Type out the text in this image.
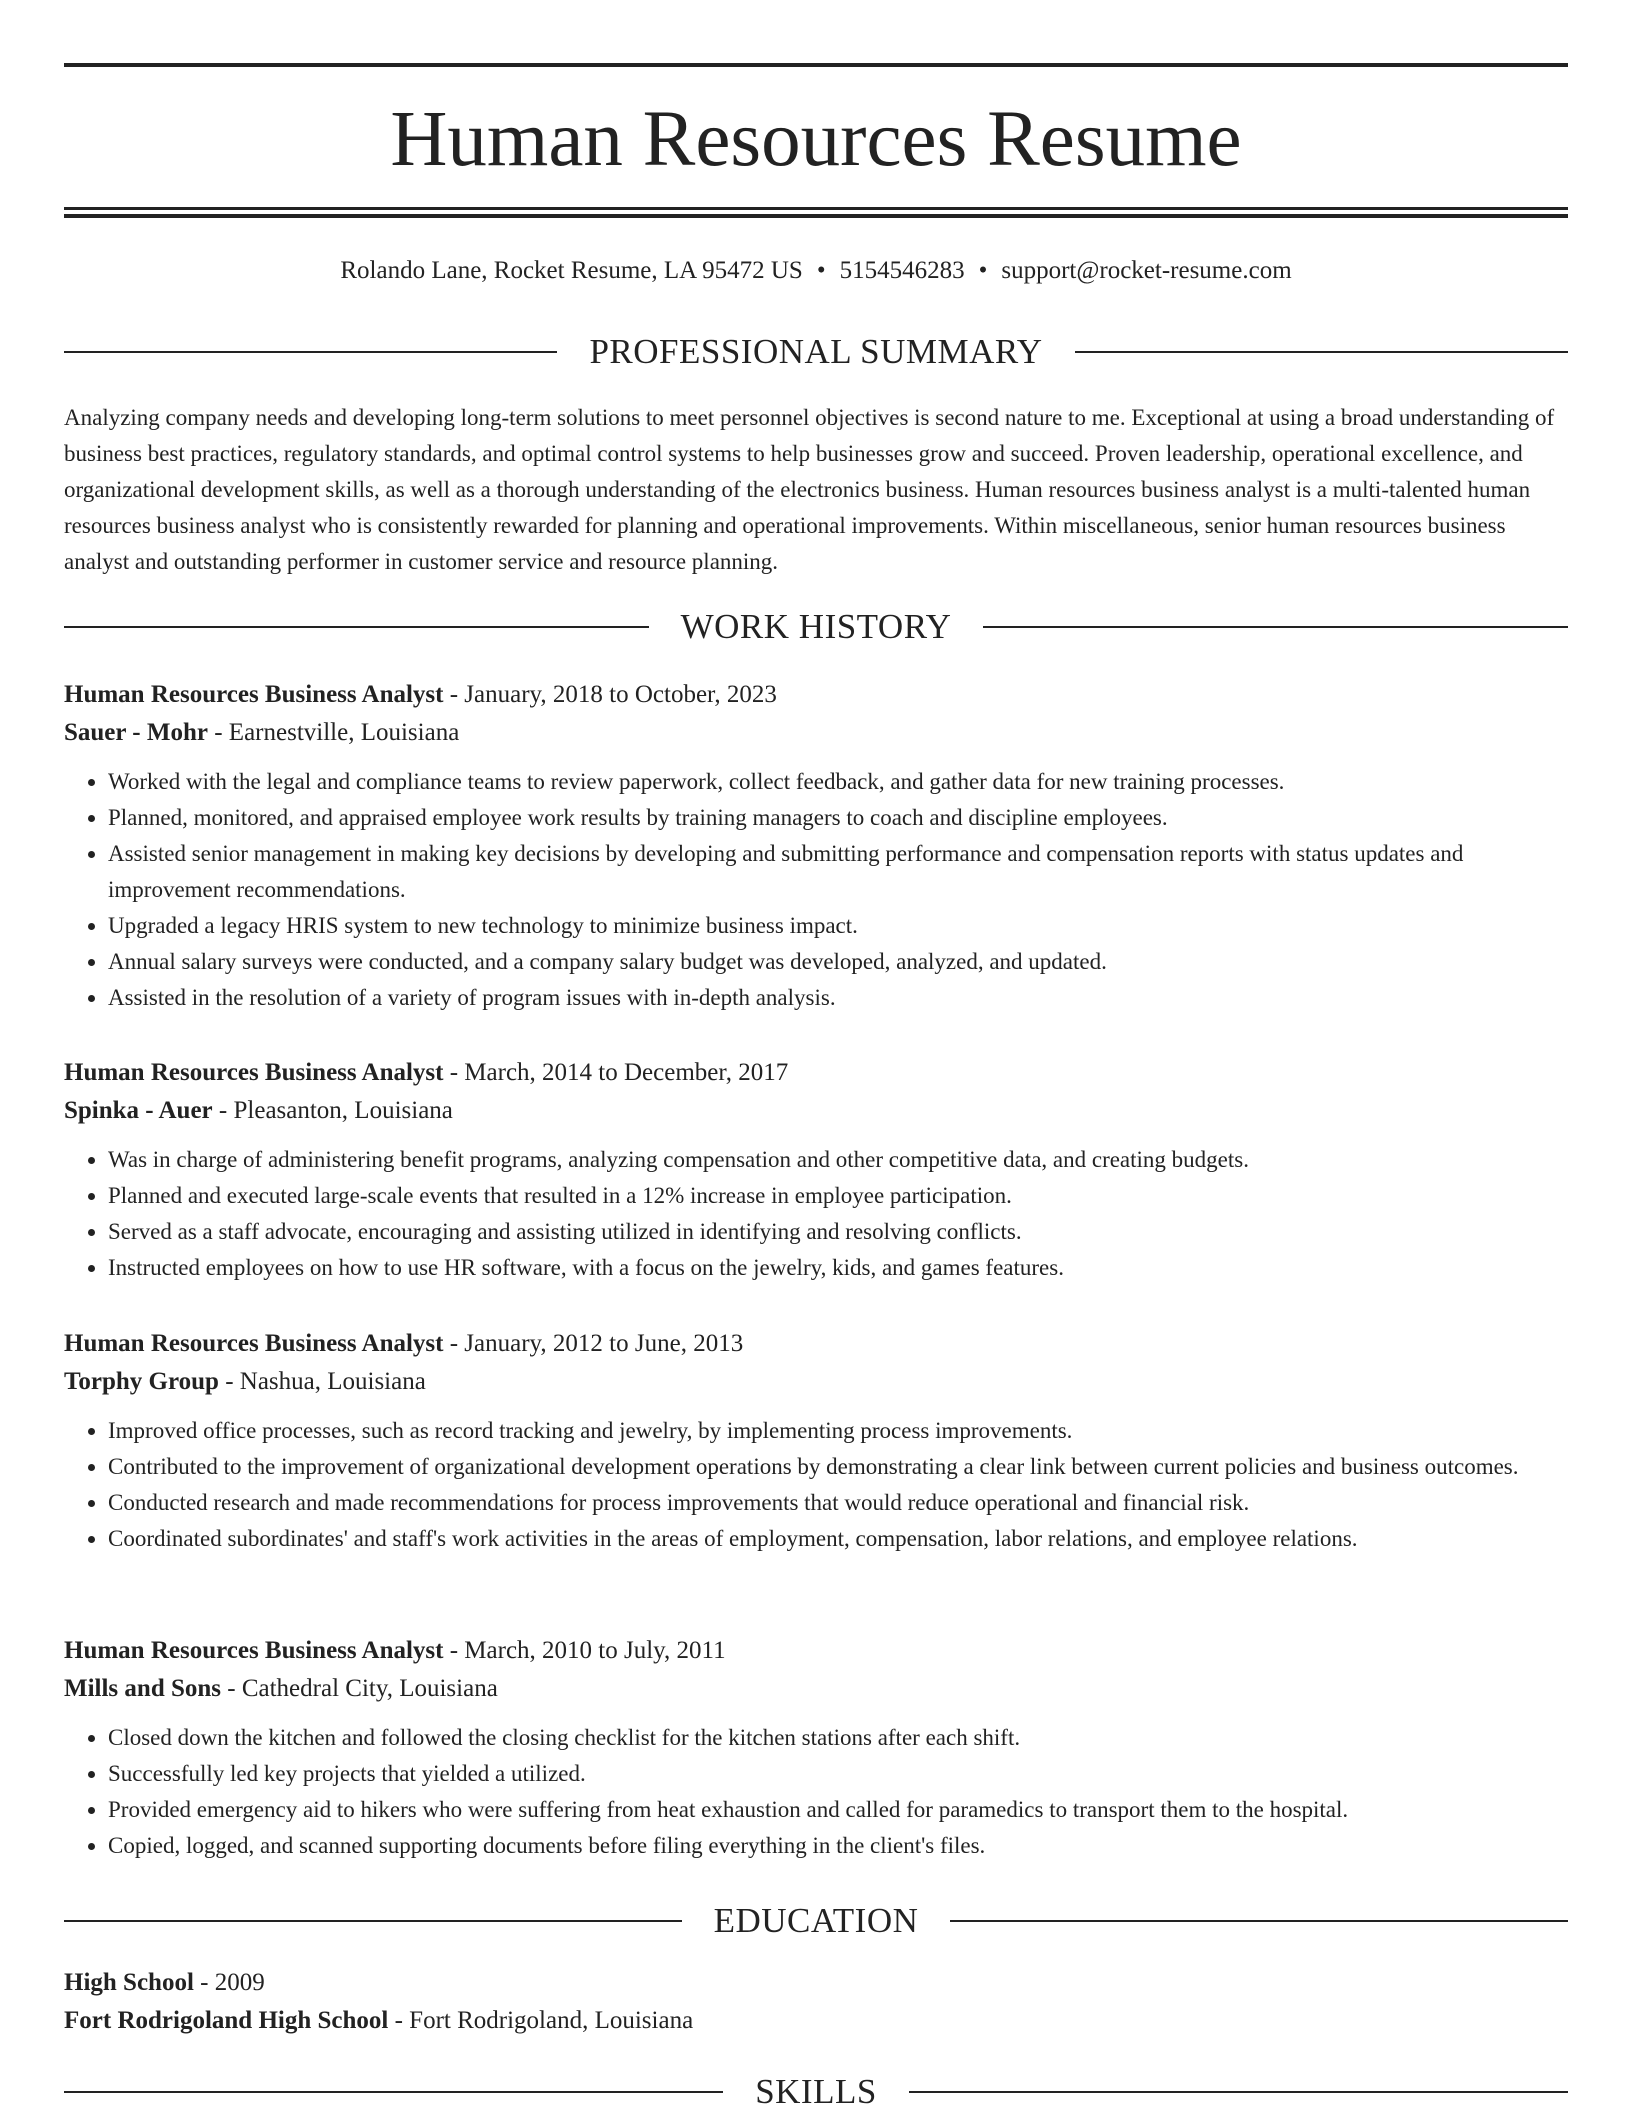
Human Resources Resume
Rolando Lane, Rocket Resume, LA 95472 US • 5154546283 • support@rocket-resume.com
PROFESSIONAL SUMMARY

Analyzing company needs and developing long-term solutions to meet personnel objectives is second nature to me. Exceptional at using a broad understanding of business best practices, regulatory standards, and optimal control systems to help businesses grow and succeed. Proven leadership, operational excellence, and organizational development skills, as well as a thorough understanding of the electronics business. Human resources business analyst is a multi-talented human resources business analyst who is consistently rewarded for planning and operational improvements. Within miscellaneous, senior human resources business analyst and outstanding performer in customer service and resource planning.

WORK HISTORY
Human Resources Business Analyst - January, 2018 to October, 2023
Sauer - Mohr - Earnestville, Louisiana
• Worked with the legal and compliance teams to review paperwork, collect feedback, and gather data for new training processes.
• Planned, monitored, and appraised employee work results by training managers to coach and discipline employees.
• Assisted senior management in making key decisions by developing and submitting performance and compensation reports with status updates and improvement recommendations.
• Upgraded a legacy HRIS system to new technology to minimize business impact.
• Annual salary surveys were conducted, and a company salary budget was developed, analyzed, and updated.
• Assisted in the resolution of a variety of program issues with in-depth analysis.
Human Resources Business Analyst - March, 2014 to December, 2017
Spinka - Auer - Pleasanton, Louisiana
• Was in charge of administering benefit programs, analyzing compensation and other competitive data, and creating budgets.
• Planned and executed large-scale events that resulted in a 12% increase in employee participation.
• Served as a staff advocate, encouraging and assisting utilized in identifying and resolving conflicts.
• Instructed employees on how to use HR software, with a focus on the jewelry, kids, and games features.
Human Resources Business Analyst - January, 2012 to June, 2013
Torphy Group - Nashua, Louisiana
• Improved office processes, such as record tracking and jewelry, by implementing process improvements.
• Contributed to the improvement of organizational development operations by demonstrating a clear link between current policies and business outcomes.
• Conducted research and made recommendations for process improvements that would reduce operational and financial risk.
• Coordinated subordinates' and staff's work activities in the areas of employment, compensation, labor relations, and employee relations.
Human Resources Business Analyst - March, 2010 to July, 2011
Mills and Sons - Cathedral City, Louisiana
• Closed down the kitchen and followed the closing checklist for the kitchen stations after each shift.
• Successfully led key projects that yielded a utilized.
• Provided emergency aid to hikers who were suffering from heat exhaustion and called for paramedics to transport them to the hospital.
• Copied, logged, and scanned supporting documents before filing everything in the client's files.
EDUCATION
High School - 2009
Fort Rodrigoland High School - Fort Rodrigoland, Louisiana
SKILLS
